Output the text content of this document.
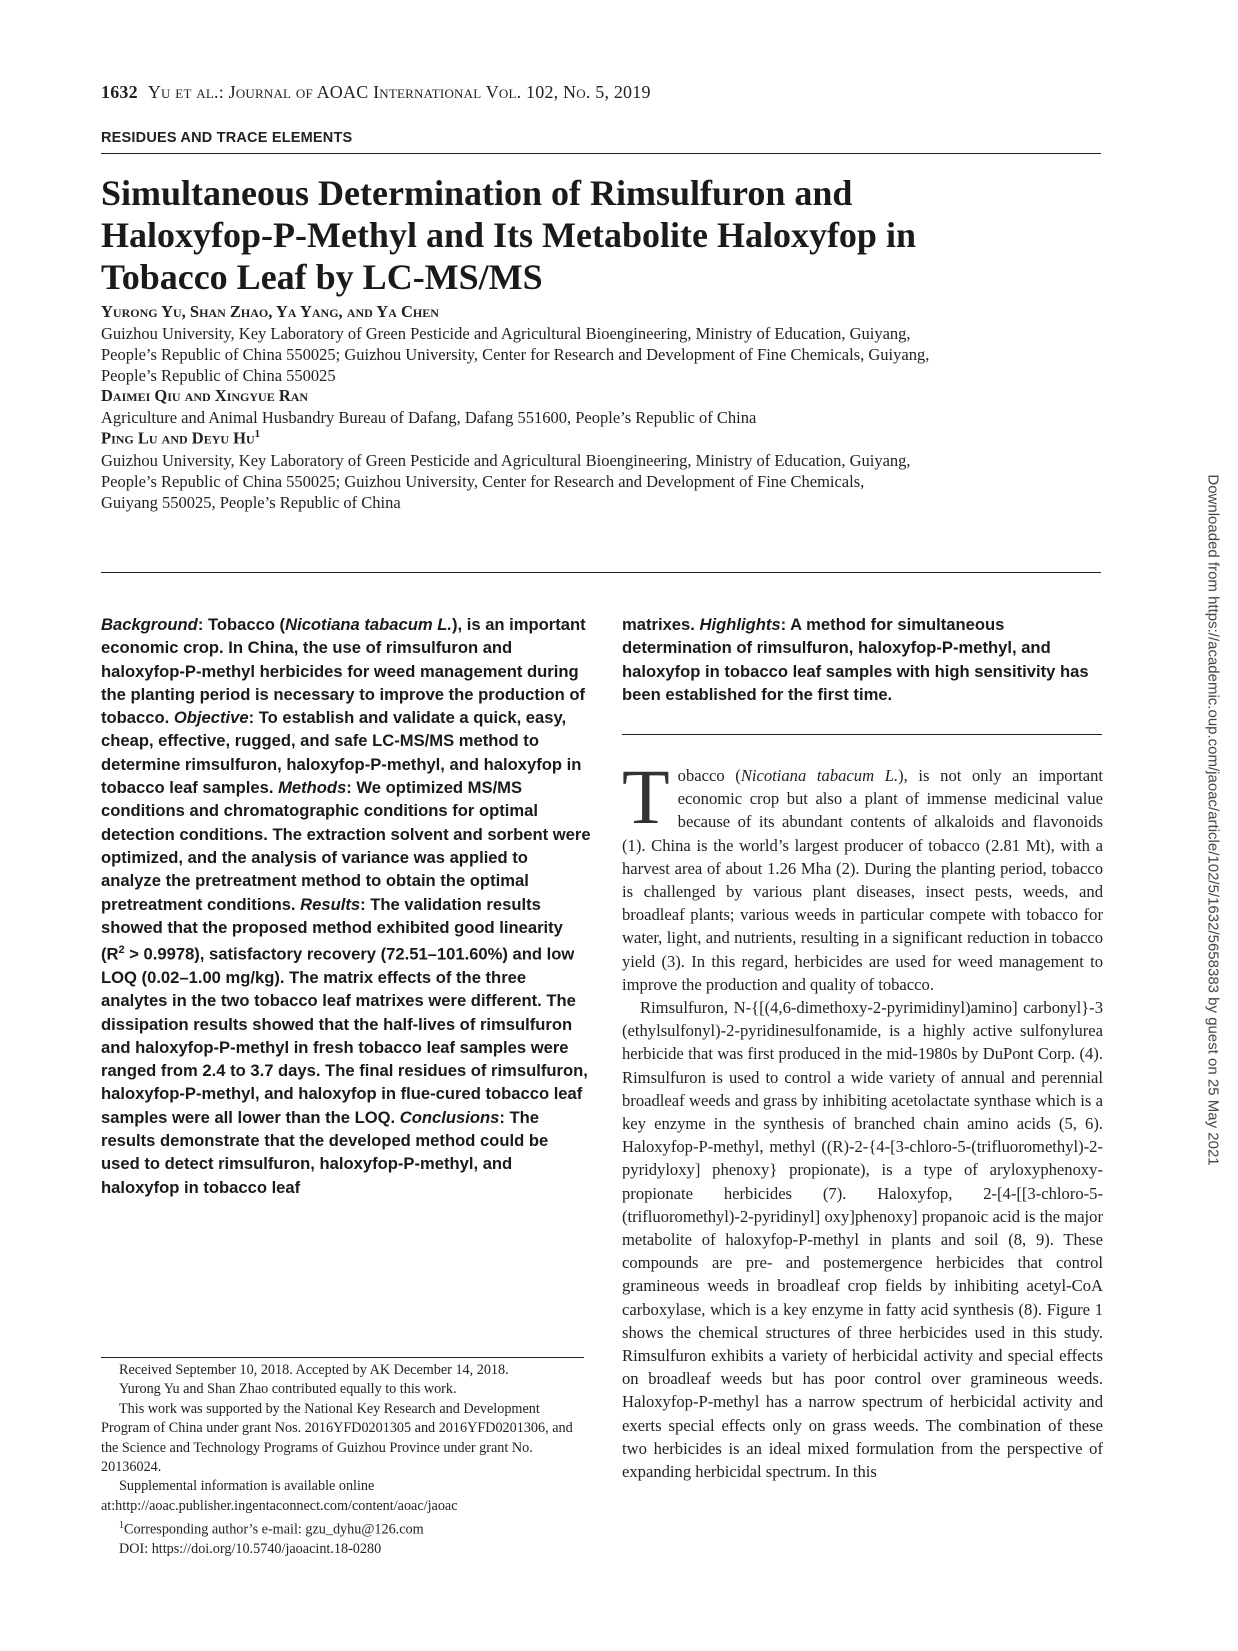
1632 Yu et al.: Journal of AOAC International Vol. 102, No. 5, 2019
RESIDUES AND TRACE ELEMENTS
Simultaneous Determination of Rimsulfuron and
Haloxyfop-P-Methyl and Its Metabolite Haloxyfop in
Tobacco Leaf by LC-MS/MS
Yurong Yu, Shan Zhao, Ya Yang, and Ya Chen
Guizhou University, Key Laboratory of Green Pesticide and Agricultural Bioengineering, Ministry of Education, Guiyang,
People’s Republic of China 550025; Guizhou University, Center for Research and Development of Fine Chemicals, Guiyang,
People’s Republic of China 550025
Daimei Qiu and Xingyue Ran
Agriculture and Animal Husbandry Bureau of Dafang, Dafang 551600, People’s Republic of China
Ping Lu and Deyu Hu$^1$
Guizhou University, Key Laboratory of Green Pesticide and Agricultural Bioengineering, Ministry of Education, Guiyang,
People’s Republic of China 550025; Guizhou University, Center for Research and Development of Fine Chemicals,
Guiyang 550025, People’s Republic of China
Background: Tobacco (Nicotiana tabacum L.), is an important economic crop. In China, the use of rimsulfuron and haloxyfop-P-methyl herbicides for weed management during the planting period is necessary to improve the production of tobacco. Objective: To establish and validate a quick, easy, cheap, effective, rugged, and safe LC-MS/MS method to determine rimsulfuron, haloxyfop-P-methyl, and haloxyfop in tobacco leaf samples. Methods: We optimized MS/MS conditions and chromatographic conditions for optimal detection conditions. The extraction solvent and sorbent were optimized, and the analysis of variance was applied to analyze the pretreatment method to obtain the optimal pretreatment conditions. Results: The validation results showed that the proposed method exhibited good linearity $(R^2 > 0.9978)$, satisfactory recovery (72.51–101.60%) and low LOQ (0.02–1.00 mg/kg). The matrix effects of the three analytes in the two tobacco leaf matrixes were different. The dissipation results showed that the half-lives of rimsulfuron and haloxyfop-P-methyl in fresh tobacco leaf samples were ranged from 2.4 to 3.7 days. The final residues of rimsulfuron, haloxyfop-P-methyl, and haloxyfop in flue-cured tobacco leaf samples were all lower than the LOQ. Conclusions: The results demonstrate that the developed method could be used to detect rimsulfuron, haloxyfop-P-methyl, and haloxyfop in tobacco leaf
matrixes. Highlights: A method for simultaneous determination of rimsulfuron, haloxyfop-P-methyl, and haloxyfop in tobacco leaf samples with high sensitivity has been established for the first time.

Tobacco (Nicotiana tabacum L.), is not only an important economic crop but also a plant of immense medicinal value because of its abundant contents of alkaloids and flavonoids (1). China is the world’s largest producer of tobacco (2.81 Mt), with a harvest area of about 1.26 Mha (2). During the planting period, tobacco is challenged by various plant diseases, insect pests, weeds, and broadleaf plants; various weeds in particular compete with tobacco for water, light, and nutrients, resulting in a significant reduction in tobacco yield (3). In this regard, herbicides are used for weed management to improve the production and quality of tobacco.

Rimsulfuron, N-{[(4,6-dimethoxy-2-pyrimidinyl)amino] carbonyl}-3 (ethylsulfonyl)-2-pyridinesulfonamide, is a highly active sulfonylurea herbicide that was first produced in the mid-1980s by DuPont Corp. (4). Rimsulfuron is used to control a wide variety of annual and perennial broadleaf weeds and grass by inhibiting acetolactate synthase which is a key enzyme in the synthesis of branched chain amino acids (5, 6). Haloxyfop-P-methyl, methyl ((R)-2-{4-[3-chloro-5-(trifluoromethyl)-2-pyridyloxy] phenoxy} propionate), is a type of aryloxyphenoxy-propionate herbicides (7). Haloxyfop, 2-[4-[[3-chloro-5-(trifluoromethyl)-2-pyridinyl] oxy]phenoxy] propanoic acid is the major metabolite of haloxyfop-P-methyl in plants and soil (8, 9). These compounds are pre- and postemergence herbicides that control gramineous weeds in broadleaf crop fields by inhibiting acetyl-CoA carboxylase, which is a key enzyme in fatty acid synthesis (8). Figure 1 shows the chemical structures of three herbicides used in this study. Rimsulfuron exhibits a variety of herbicidal activity and special effects on broadleaf weeds but has poor control over gramineous weeds. Haloxyfop-P-methyl has a narrow spectrum of herbicidal activity and exerts special effects only on grass weeds. The combination of these two herbicides is an ideal mixed formulation from the perspective of expanding herbicidal spectrum. In this

Received September 10, 2018. Accepted by AK December 14, 2018.

Yurong Yu and Shan Zhao contributed equally to this work.

This work was supported by the National Key Research and Development Program of China under grant Nos. 2016YFD0201305 and 2016YFD0201306, and the Science and Technology Programs of Guizhou Province under grant No. 20136024.

Supplemental information is available online at:http://aoac.publisher.ingentaconnect.com/content/aoac/jaoac

$^1$Corresponding author’s e-mail: gzu_dyhu@126.com

DOI: https://doi.org/10.5740/jaoacint.18-0280

Downloaded from https://academic.oup.com/jaoac/article/102/5/1632/5658383 by guest on 25 May 2021
